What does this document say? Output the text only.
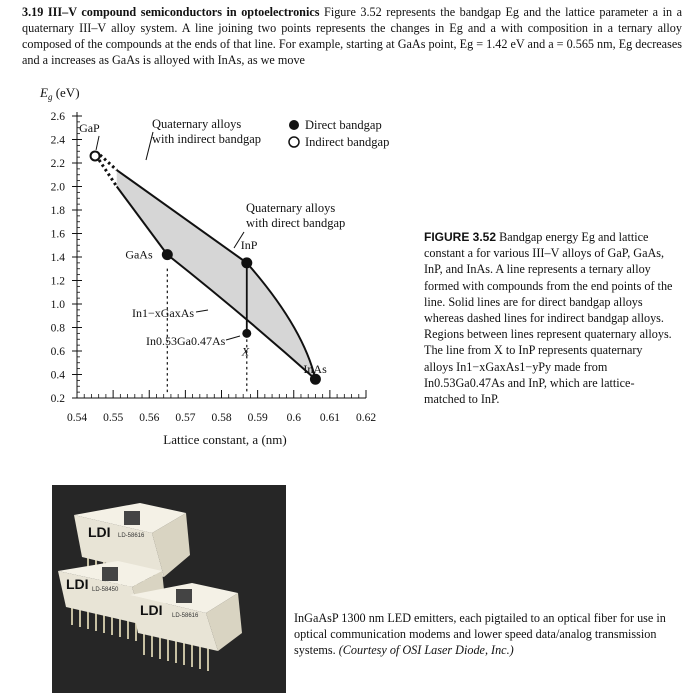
3.19 III–V compound semiconductors in optoelectronics Figure 3.52 represents the bandgap Eg and the lattice parameter a in a quaternary III–V alloy system. A line joining two points represents the changes in Eg and a with composition in a ternary alloy composed of the compounds at the ends of that line. For example, starting at GaAs point, Eg = 1.42 eV and a = 0.565 nm, Eg decreases and a increases as GaAs is alloyed with InAs, as we move
0.2
0.4
0.6
0.8
1.0
1.2
1.4
1.6
1.8
2.0
2.2
2.4
2.6
0.54 0.55 0.56 0.57 0.58 0.59 0.6 0.61 0.62
Lattice constant, a (nm)
$E_g$ (eV)
Direct bandgap
Indirect bandgap
GaP
GaAs
InP
InAs
X
Quaternary alloys
with indirect bandgap
Quaternary alloys
with direct bandgap
In1−xGaxAs
In0.53Ga0.47As
FIGURE 3.52 Bandgap energy Eg and lattice constant a for various III–V alloys of GaP, GaAs, InP, and InAs. A line represents a ternary alloy formed with compounds from the end points of the line. Solid lines are for direct bandgap alloys whereas dashed lines for indirect bandgap alloys. Regions between lines represent quaternary alloys. The line from X to InP represents quaternary alloys In1−xGaxAs1−yPy made from In0.53Ga0.47As and InP, which are lattice-matched to InP.
LDI LD-58616
LDI LD-58450
LDI LD-58616	InGaAsP 1300 nm LED emitters, each pigtailed to an optical fiber for use in optical communication modems and lower speed data/analog transmission systems. (Courtesy of OSI Laser Diode, Inc.)
